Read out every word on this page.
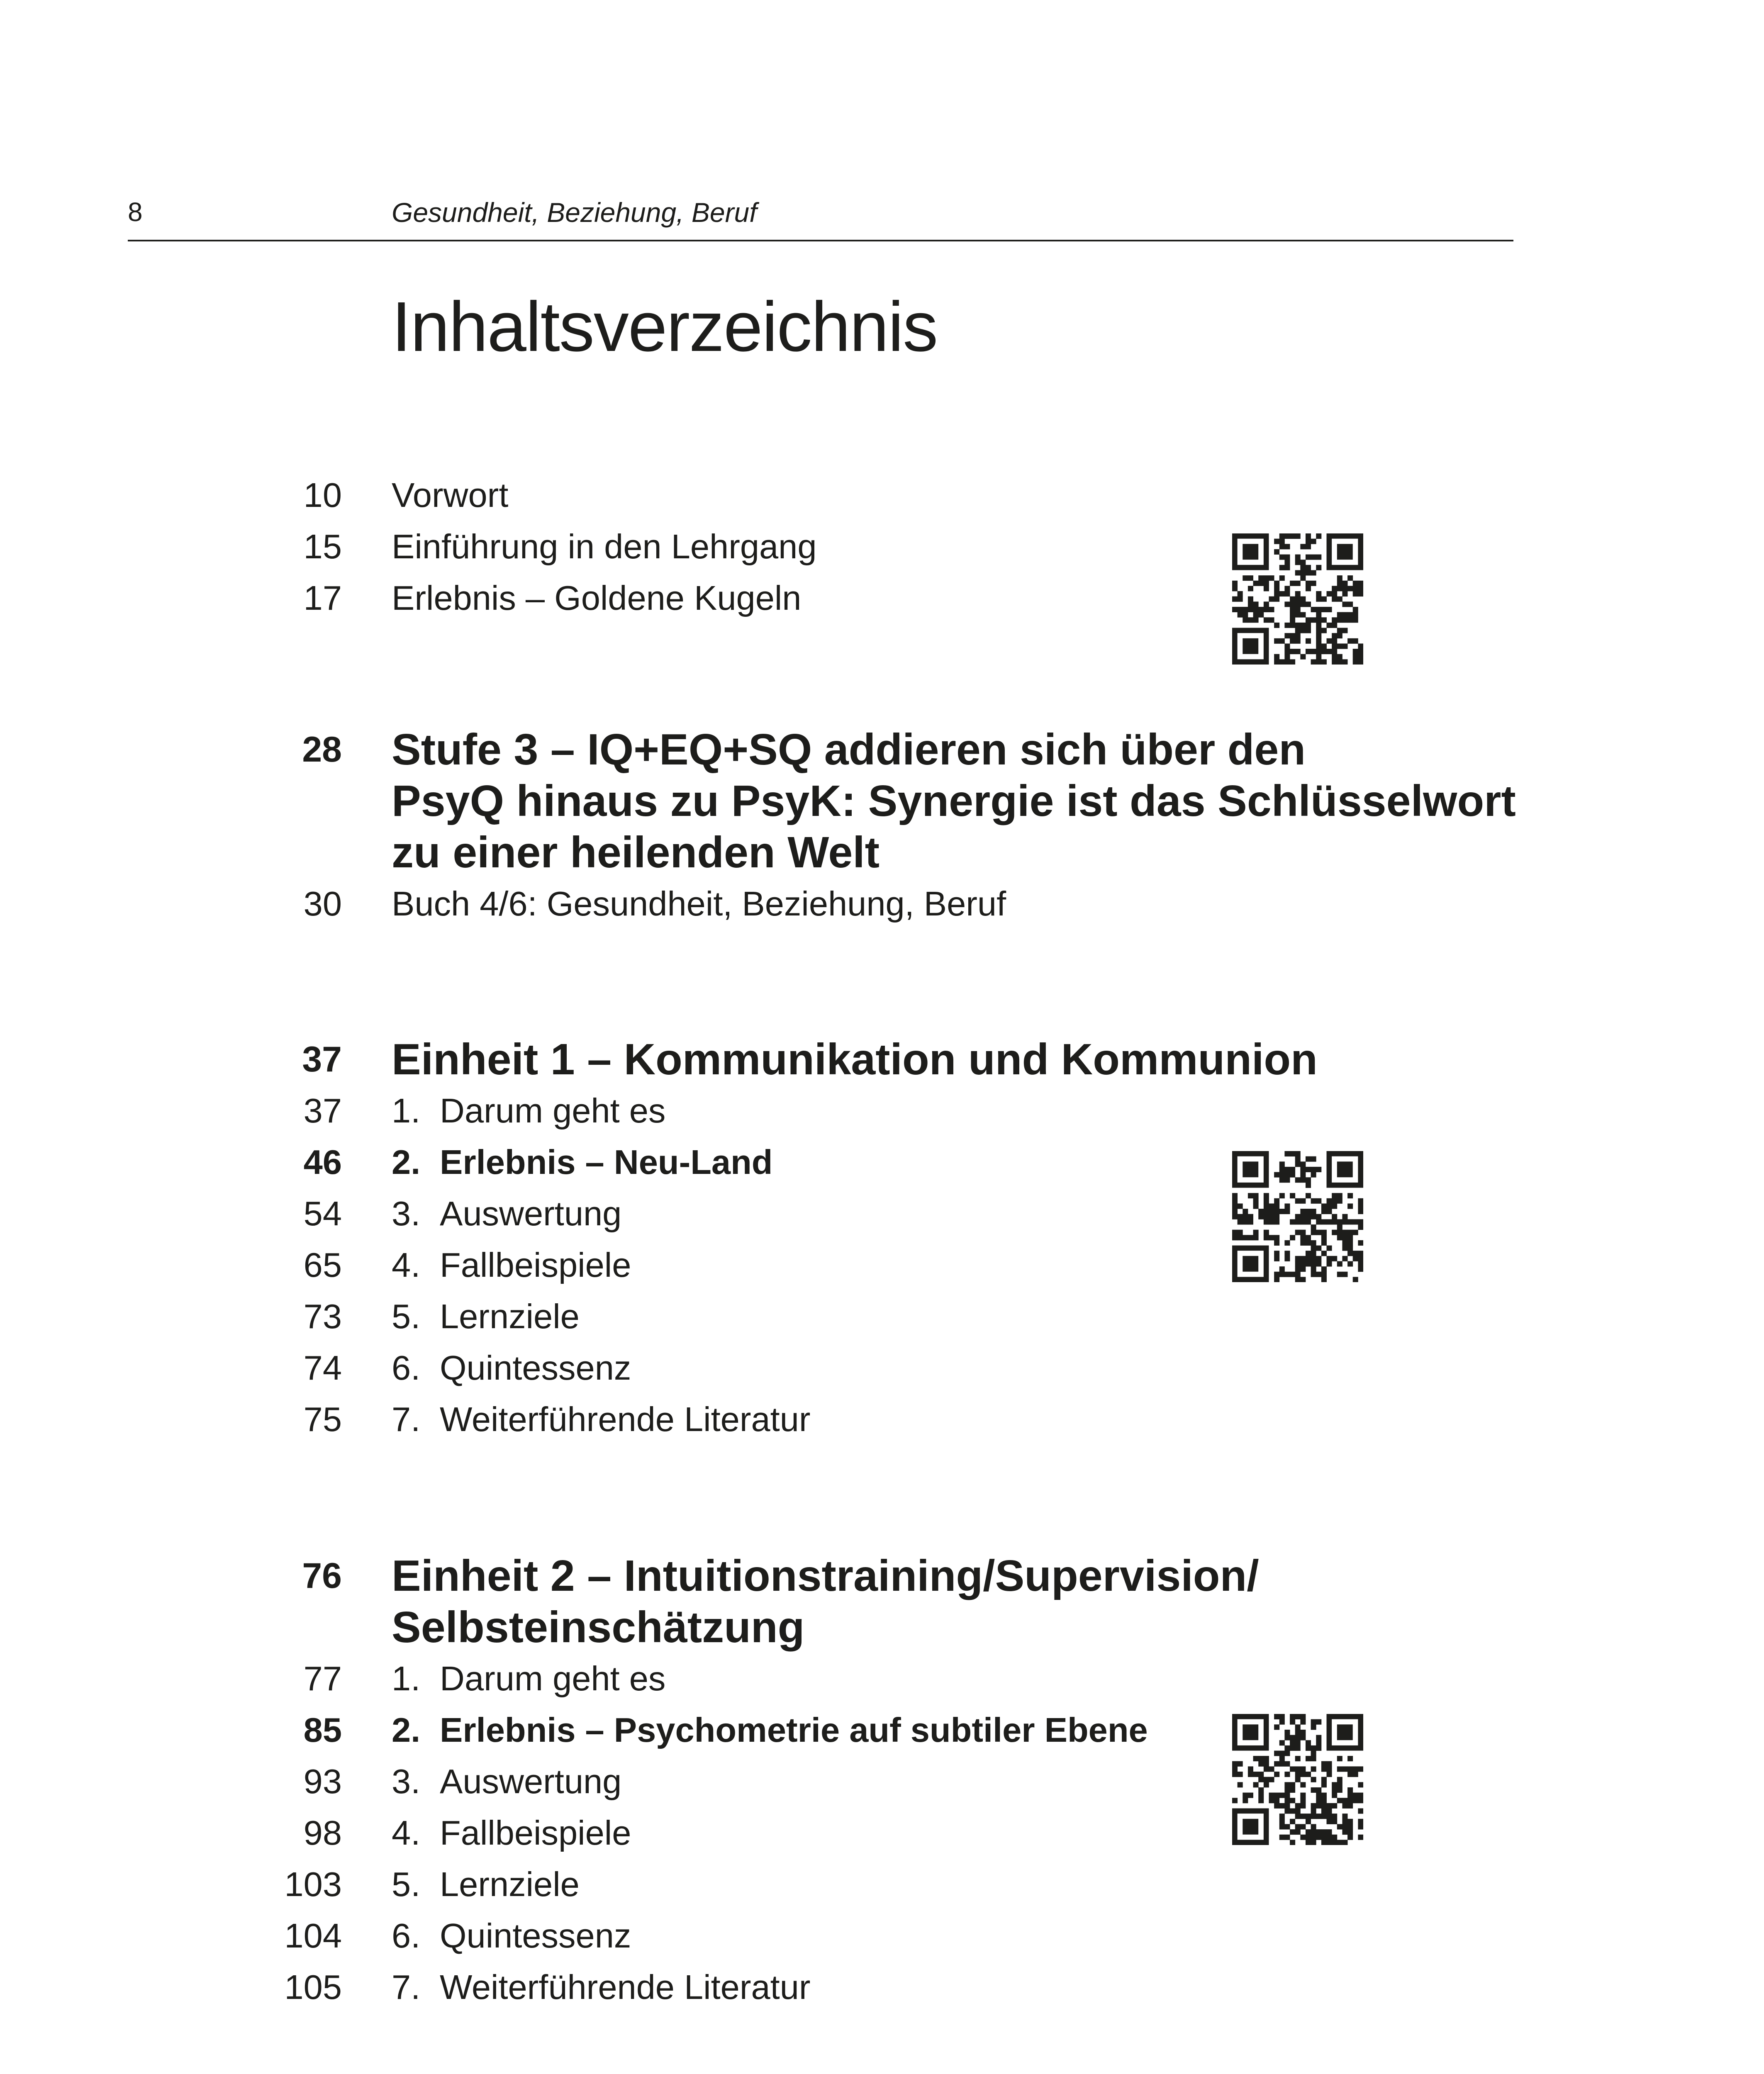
8	Gesundheit, Beziehung, Beruf
Inhaltsverzeichnis
10 Vorwort
15 Einführung in den Lehrgang
17 Erlebnis – Goldene Kugeln
28 Stufe 3 – IQ+EQ+SQ addieren sich über den
PsyQ hinaus zu PsyK: Synergie ist das Schlüsselwort
zu einer heilenden Welt
30 Buch 4/6: Gesundheit, Beziehung, Beruf
37 Einheit 1 – Kommunikation und Kommunion
37 1. Darum geht es
46 2. Erlebnis – Neu-Land
54 3. Auswertung
65 4. Fallbeispiele
73 5. Lernziele
74 6. Quintessenz
75 7. Weiterführende Literatur
76 Einheit 2 – Intuitionstraining/Supervision/
Selbsteinschätzung
77 1. Darum geht es
85 2. Erlebnis – Psychometrie auf subtiler Ebene
93 3. Auswertung
98 4. Fallbeispiele
103 5. Lernziele
104 6. Quintessenz
105 7. Weiterführende Literatur
